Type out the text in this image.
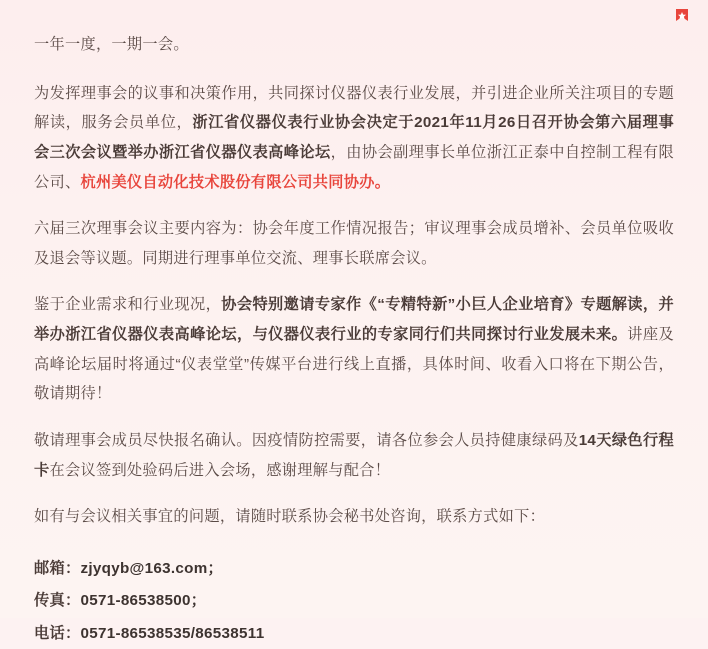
一年一度，一期一会。

为发挥理事会的议事和决策作用，共同探讨仪器仪表行业发展，并引进企业所关注项目的专题解读，服务会员单位，浙江省仪器仪表行业协会决定于2021年11月26日召开协会第六届理事会三次会议暨举办浙江省仪器仪表高峰论坛，由协会副理事长单位浙江正泰中自控制工程有限公司、杭州美仪自动化技术股份有限公司共同协办。

六届三次理事会议主要内容为：协会年度工作情况报告；审议理事会成员增补、会员单位吸收及退会等议题。同期进行理事单位交流、理事长联席会议。

鉴于企业需求和行业现况，协会特别邀请专家作《“专精特新”小巨人企业培育》专题解读，并举办浙江省仪器仪表高峰论坛，与仪器仪表行业的专家同行们共同探讨行业发展未来。讲座及高峰论坛届时将通过“仪表堂堂”传媒平台进行线上直播，具体时间、收看入口将在下期公告，敬请期待！

敬请理事会成员尽快报名确认。因疫情防控需要，请各位参会人员持健康绿码及14天绿色行程卡在会议签到处验码后进入会场，感谢理解与配合！

如有与会议相关事宜的问题，请随时联系协会秘书处咨询，联系方式如下：

邮箱：zjyqyb@163.com；

传真：0571-86538500；

电话：0571-86538535/86538511
